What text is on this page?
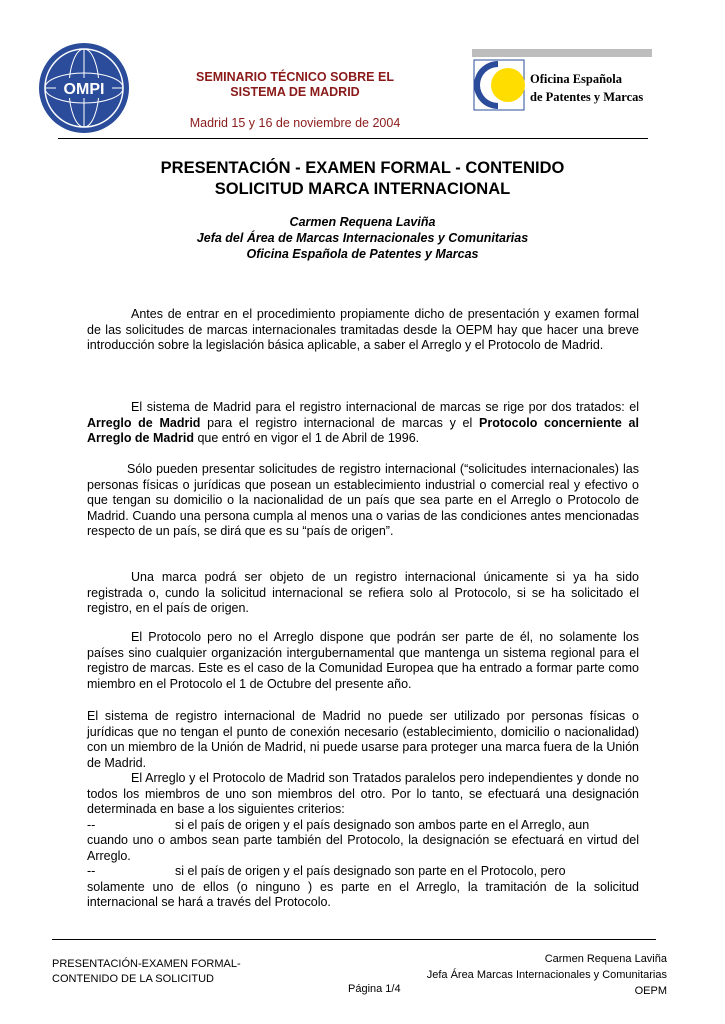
OMPI
SEMINARIO TÉCNICO SOBRE EL
SISTEMA DE MADRID
Madrid 15 y 16 de noviembre de 2004
Oficina Española
de Patentes y Marcas
PRESENTACIÓN - EXAMEN FORMAL - CONTENIDO
SOLICITUD MARCA INTERNACIONAL
Carmen Requena Laviña
Jefa del Área de Marcas Internacionales y Comunitarias
Oficina Española de Patentes y Marcas

Antes de entrar en el procedimiento propiamente dicho de presentación y examen formal de las solicitudes de marcas internacionales tramitadas desde la OEPM hay que hacer una breve introducción sobre la legislación básica aplicable, a saber el Arreglo y el Protocolo de Madrid.

El sistema de Madrid para el registro internacional de marcas se rige por dos tratados: el Arreglo de Madrid para el registro internacional de marcas y el Protocolo concerniente al Arreglo de Madrid que entró en vigor el 1 de Abril de 1996.

Sólo pueden presentar solicitudes de registro internacional (“solicitudes internacionales) las personas físicas o jurídicas que posean un establecimiento industrial o comercial real y efectivo o que tengan su domicilio o la nacionalidad de un país que sea parte en el Arreglo o Protocolo de Madrid. Cuando una persona cumpla al menos una o varias de las condiciones antes mencionadas respecto de un país, se dirá que es su “país de origen”.

Una marca podrá ser objeto de un registro internacional únicamente si ya ha sido registrada o, cundo la solicitud internacional se refiera solo al Protocolo, si se ha solicitado el registro, en el país de origen.

El Protocolo pero no el Arreglo dispone que podrán ser parte de él, no solamente los países sino cualquier organización intergubernamental que mantenga un sistema regional para el registro de marcas. Este es el caso de la Comunidad Europea que ha entrado a formar parte como miembro en el Protocolo el 1 de Octubre del presente año.

El sistema de registro internacional de Madrid no puede ser utilizado por personas físicas o jurídicas que no tengan el punto de conexión necesario (establecimiento, domicilio o nacionalidad) con un miembro de la Unión de Madrid, ni puede usarse para proteger una marca fuera de la Unión de Madrid.

El Arreglo y el Protocolo de Madrid son Tratados paralelos pero independientes y donde no todos los miembros de uno son miembros del otro. Por lo tanto, se efectuará una designación determinada en base a los siguientes criterios:

--	si el país de origen y el país designado son ambos parte en el Arreglo, aun

cuando uno o ambos sean parte también del Protocolo, la designación se efectuará en virtud del Arreglo.

--	si el país de origen y el país designado son parte en el Protocolo, pero

solamente uno de ellos (o ninguno ) es parte en el Arreglo, la tramitación de la solicitud internacional se hará a través del Protocolo.

PRESENTACIÓN-EXAMEN FORMAL-
CONTENIDO DE LA SOLICITUD
Página 1/4
Carmen Requena Laviña
Jefa Área Marcas Internacionales y Comunitarias
OEPM
